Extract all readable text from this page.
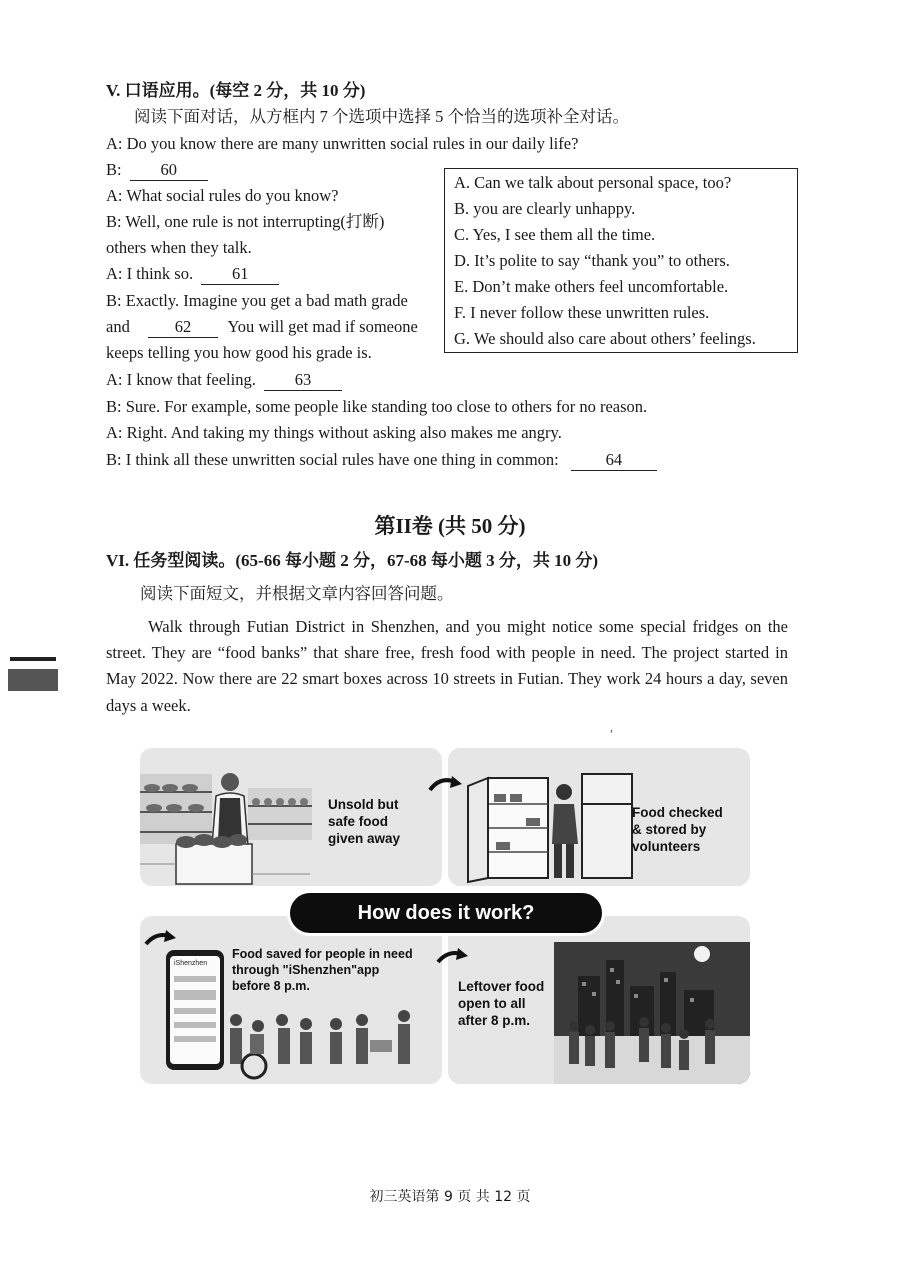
V. 口语应用。(每空 2 分，共 10 分)
阅读下面对话，从方框内 7 个选项中选择 5 个恰当的选项补全对话。
A: Do you know there are many unwritten social rules in our daily life?
B: 60
A: What social rules do you know?
B: Well, one rule is not interrupting(打断)
others when they talk.
A: I think so. 61
B: Exactly. Imagine you get a bad math grade
and	62 You will get mad if someone
keeps telling you how good his grade is.
A: I know that feeling. 63
B: Sure. For example, some people like standing too close to others for no reason.
A: Right. And taking my things without asking also makes me angry.
B: I think all these unwritten social rules have one thing in common:	64
A. Can we talk about personal space, too?
B. you are clearly unhappy.
C. Yes, I see them all the time.
D. It’s polite to say “thank you” to others.
E. Don’t make others feel uncomfortable.
F. I never follow these unwritten rules.
G. We should also care about others’ feelings.
第II卷 (共 50 分)
VI. 任务型阅读。(65-66 每小题 2 分，67-68 每小题 3 分，共 10 分)
阅读下面短文，并根据文章内容回答问题。
Walk through Futian District in Shenzhen, and you might notice some special fridges on the street. They are “food banks” that share free, fresh food with people in need. The project started in May 2022. Now there are 22 smart boxes across 10 streets in Futian. They work 24 hours a day, seven days a week.
,
Unsold but
safe food
given away
Food checked
& stored by
volunteers
iShenzhen
Food saved for people in need
through "iShenzhen"app
before 8 p.m.	Leftover food
open to all
after 8 p.m.
How does it work?
初三英语第 9 页 共 12 页
